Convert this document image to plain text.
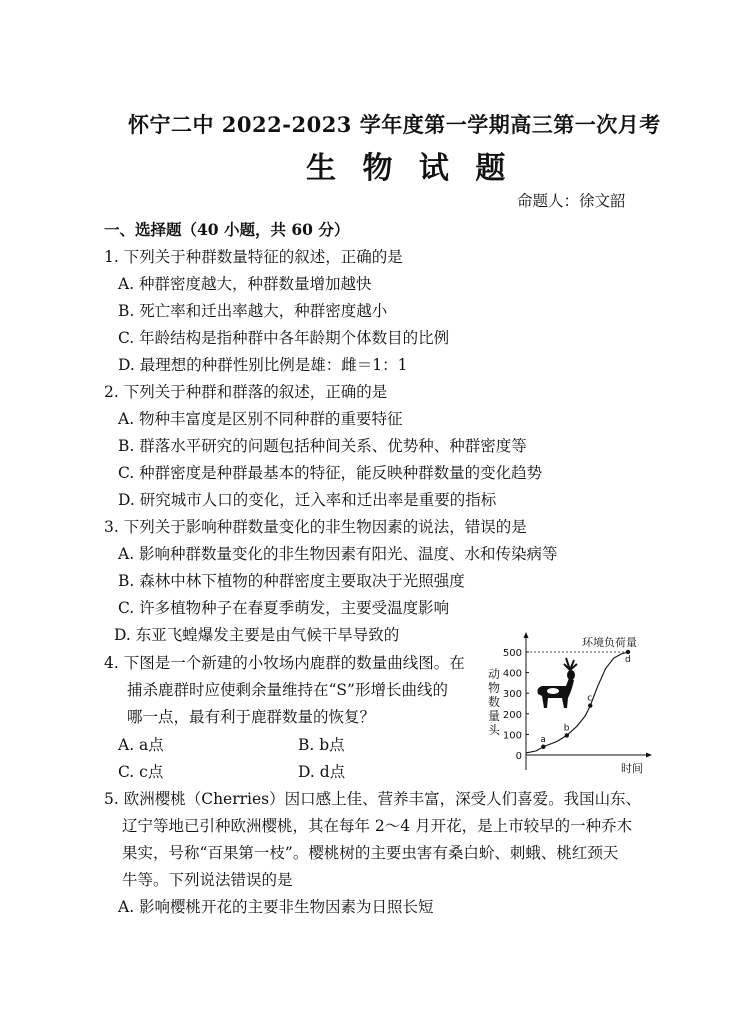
怀宁二中 2022-2023 学年度第一学期高三第一次月考
生 物 试 题
命题人：徐文韶
一、选择题（40 小题，共 60 分）
1. 下列关于种群数量特征的叙述，正确的是
A. 种群密度越大，种群数量增加越快
B. 死亡率和迁出率越大，种群密度越小
C. 年龄结构是指种群中各年龄期个体数目的比例
D. 最理想的种群性别比例是雄：雌＝1：1
2. 下列关于种群和群落的叙述，正确的是
A. 物种丰富度是区别不同种群的重要特征
B. 群落水平研究的问题包括种间关系、优势种、种群密度等
C. 种群密度是种群最基本的特征，能反映种群数量的变化趋势
D. 研究城市人口的变化，迁入率和迁出率是重要的指标
3. 下列关于影响种群数量变化的非生物因素的说法，错误的是
A. 影响种群数量变化的非生物因素有阳光、温度、水和传染病等
B. 森林中林下植物的种群密度主要取决于光照强度
C. 许多植物种子在春夏季萌发，主要受温度影响
D. 东亚飞蝗爆发主要是由气候干旱导致的
4. 下图是一个新建的小牧场内鹿群的数量曲线图。在
捕杀鹿群时应使剩余量维持在“S”形增长曲线的
哪一点，最有利于鹿群数量的恢复？
A. a点	B. b点
C. c点	D. d点
动
物
数
量
头
0
100
200
300
400
500
环境负荷量
a
b
c
d
时间
5. 欧洲樱桃（Cherries）因口感上佳、营养丰富，深受人们喜爱。我国山东、
辽宁等地已引种欧洲樱桃，其在每年 2～4 月开花，是上市较早的一种乔木
果实，号称“百果第一枝”。樱桃树的主要虫害有桑白蚧、刺蛾、桃红颈天
牛等。下列说法错误的是
A. 影响樱桃开花的主要非生物因素为日照长短
